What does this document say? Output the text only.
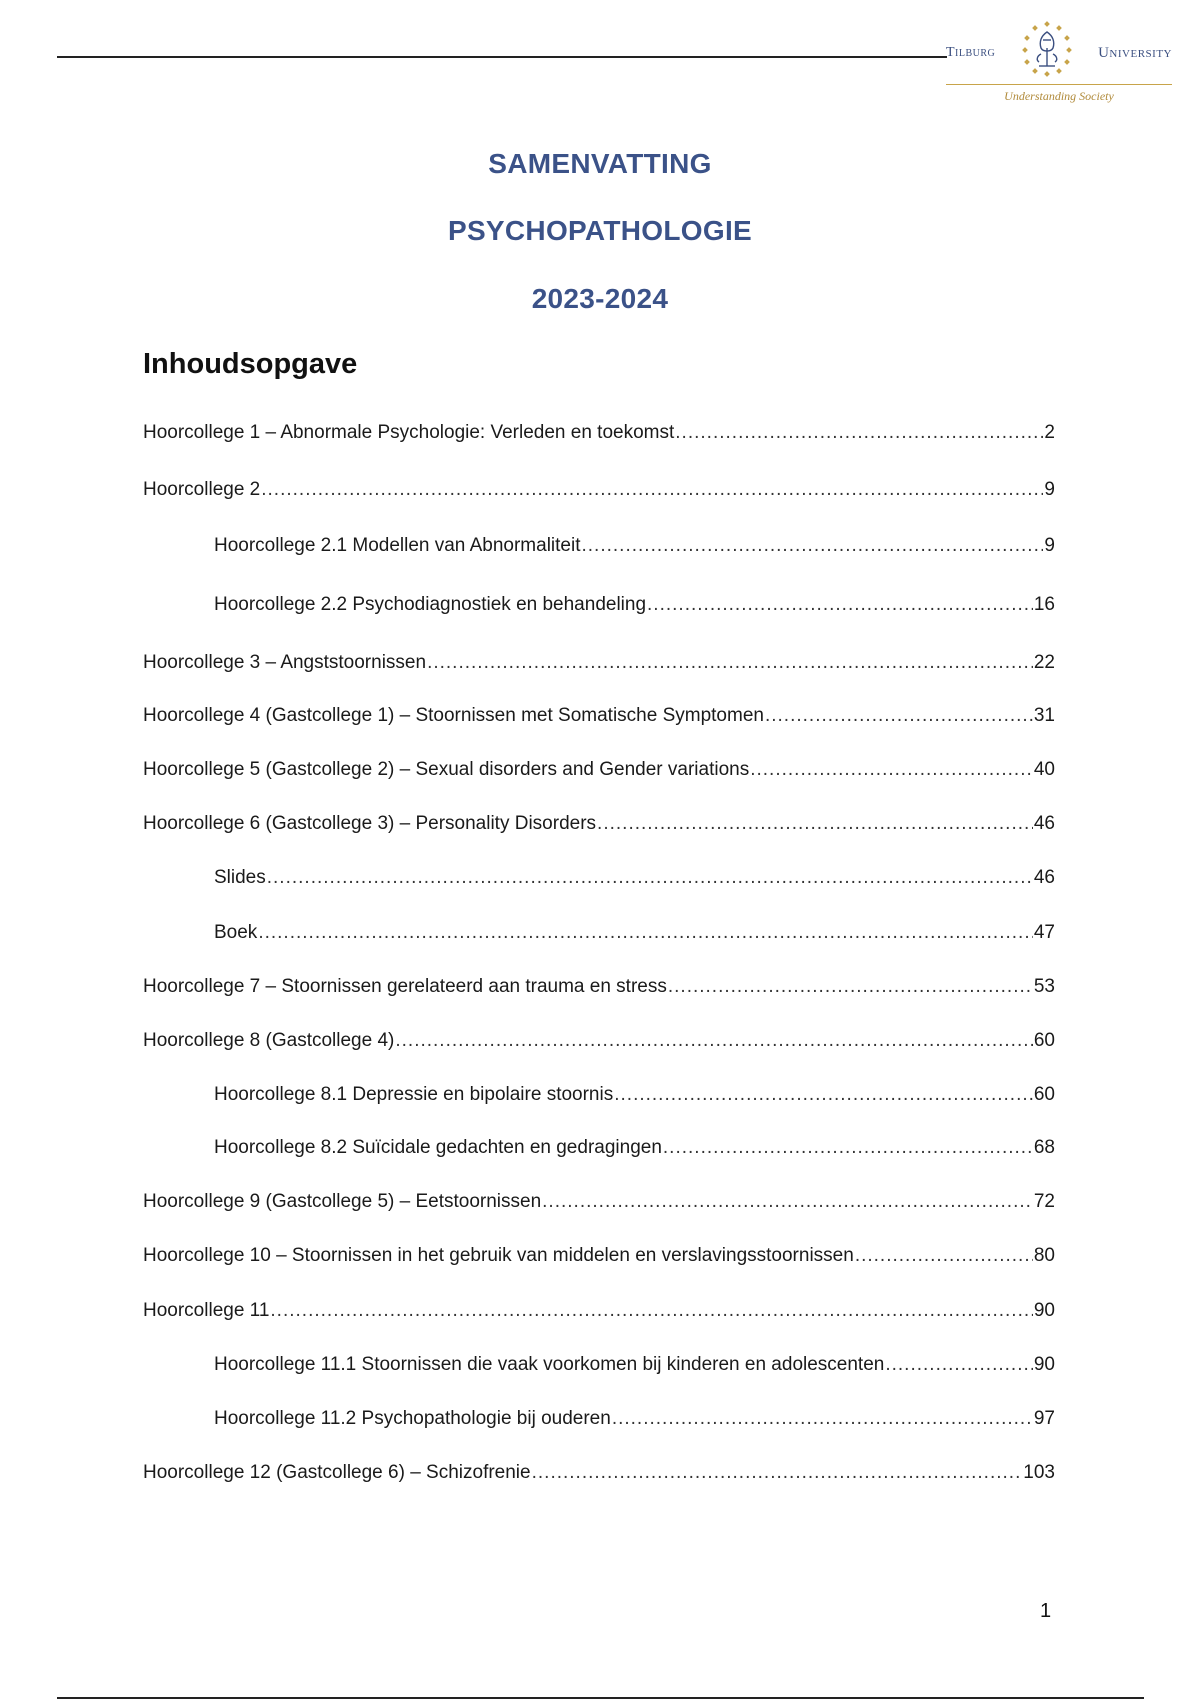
Tilburg	University
Understanding Society
SAMENVATTING
PSYCHOPATHOLOGIE
2023-2024
Inhoudsopgave
Hoorcollege 1 – Abnormale Psychologie: Verleden en toekomst .....	2
Hoorcollege 2 .....	9
Hoorcollege 2.1 Modellen van Abnormaliteit .....	9
Hoorcollege 2.2 Psychodiagnostiek en behandeling .....	16
Hoorcollege 3 – Angststoornissen .....	22
Hoorcollege 4 (Gastcollege 1) – Stoornissen met Somatische Symptomen .....	31
Hoorcollege 5 (Gastcollege 2) – Sexual disorders and Gender variations .....	40
Hoorcollege 6 (Gastcollege 3) – Personality Disorders .....	46
Slides .....	46
Boek .....	47
Hoorcollege 7 – Stoornissen gerelateerd aan trauma en stress .....	53
Hoorcollege 8 (Gastcollege 4) .....	60
Hoorcollege 8.1 Depressie en bipolaire stoornis .....	60
Hoorcollege 8.2 Suïcidale gedachten en gedragingen .....	68
Hoorcollege 9 (Gastcollege 5) – Eetstoornissen .....	72
Hoorcollege 10 – Stoornissen in het gebruik van middelen en verslavingsstoornissen .....	80
Hoorcollege 11 .....	90
Hoorcollege 11.1 Stoornissen die vaak voorkomen bij kinderen en adolescenten .....	90
Hoorcollege 11.2 Psychopathologie bij ouderen .....	97
Hoorcollege 12 (Gastcollege 6) – Schizofrenie .....	103
1
